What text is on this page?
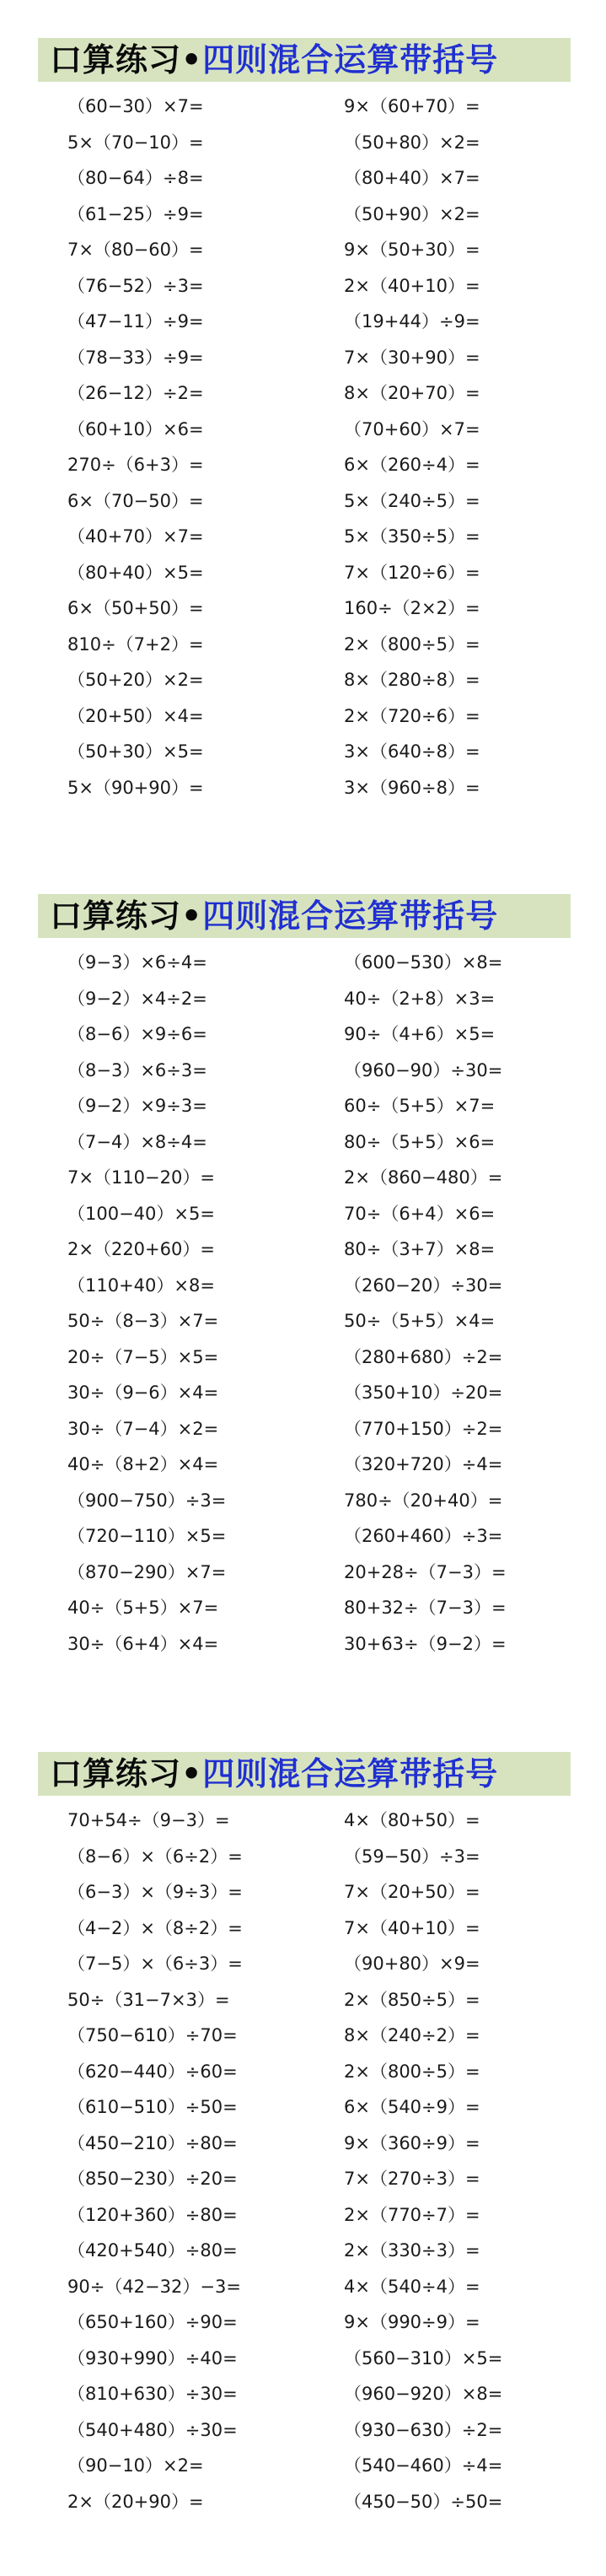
口算练习•四则混合运算带括号
（60−30）×7=	9×（60+70）=
5×（70−10）=	（50+80）×2=
（80−64）÷8=	（80+40）×7=
（61−25）÷9=	（50+90）×2=
7×（80−60）=	9×（50+30）=
（76−52）÷3=	2×（40+10）=
（47−11）÷9=	（19+44）÷9=
（78−33）÷9=	7×（30+90）=
（26−12）÷2=	8×（20+70）=
（60+10）×6=	（70+60）×7=
270÷（6+3）=	6×（260÷4）=
6×（70−50）=	5×（240÷5）=
（40+70）×7=	5×（350÷5）=
（80+40）×5=	7×（120÷6）=
6×（50+50）=	160÷（2×2）=
810÷（7+2）=	2×（800÷5）=
（50+20）×2=	8×（280÷8）=
（20+50）×4=	2×（720÷6）=
（50+30）×5=	3×（640÷8）=
5×（90+90）=	3×（960÷8）=
口算练习•四则混合运算带括号
（9−3）×6÷4=	（600−530）×8=
（9−2）×4÷2=	40÷（2+8）×3=
（8−6）×9÷6=	90÷（4+6）×5=
（8−3）×6÷3=	（960−90）÷30=
（9−2）×9÷3=	60÷（5+5）×7=
（7−4）×8÷4=	80÷（5+5）×6=
7×（110−20）=	2×（860−480）=
（100−40）×5=	70÷（6+4）×6=
2×（220+60）=	80÷（3+7）×8=
（110+40）×8=	（260−20）÷30=
50÷（8−3）×7=	50÷（5+5）×4=
20÷（7−5）×5=	（280+680）÷2=
30÷（9−6）×4=	（350+10）÷20=
30÷（7−4）×2=	（770+150）÷2=
40÷（8+2）×4=	（320+720）÷4=
（900−750）÷3=	780÷（20+40）=
（720−110）×5=	（260+460）÷3=
（870−290）×7=	20+28÷（7−3）=
40÷（5+5）×7=	80+32÷（7−3）=
30÷（6+4）×4=	30+63÷（9−2）=
口算练习•四则混合运算带括号
70+54÷（9−3）=	4×（80+50）=
（8−6）×（6÷2）=	（59−50）÷3=
（6−3）×（9÷3）=	7×（20+50）=
（4−2）×（8÷2）=	7×（40+10）=
（7−5）×（6÷3）=	（90+80）×9=
50÷（31−7×3）=	2×（850÷5）=
（750−610）÷70=	8×（240÷2）=
（620−440）÷60=	2×（800÷5）=
（610−510）÷50=	6×（540÷9）=
（450−210）÷80=	9×（360÷9）=
（850−230）÷20=	7×（270÷3）=
（120+360）÷80=	2×（770÷7）=
（420+540）÷80=	2×（330÷3）=
90÷（42−32）−3=	4×（540÷4）=
（650+160）÷90=	9×（990÷9）=
（930+990）÷40=	（560−310）×5=
（810+630）÷30=	（960−920）×8=
（540+480）÷30=	（930−630）÷2=
（90−10）×2=	（540−460）÷4=
2×（20+90）=	（450−50）÷50=
